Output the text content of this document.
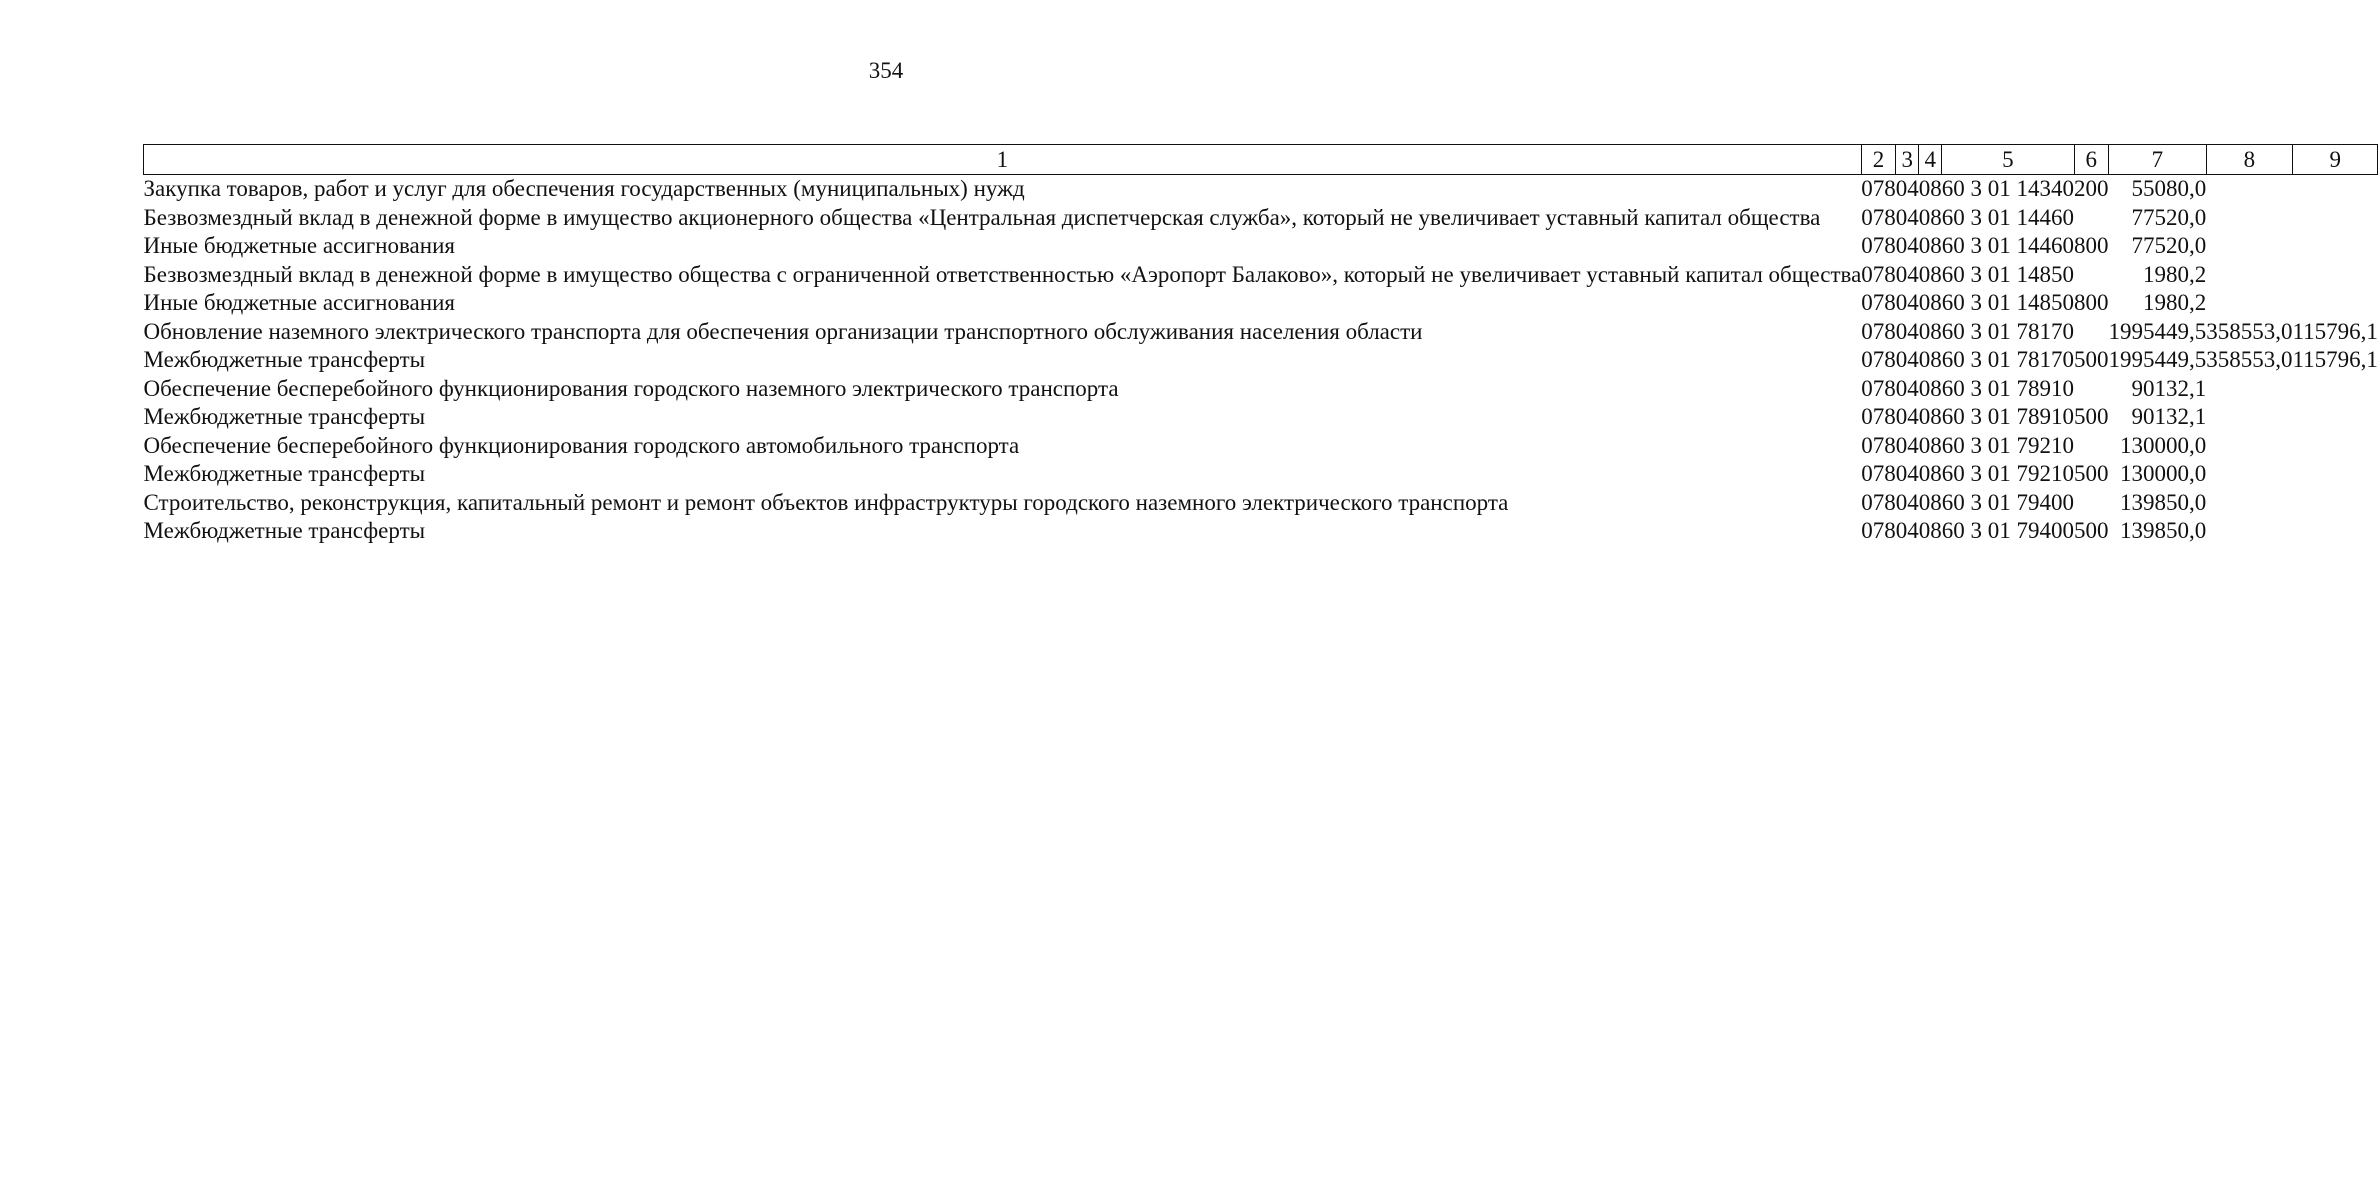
354
1	2	3	4	5	6	7	8	9
Закупка товаров, работ и услуг для обеспечения государственных (муниципальных) нужд	078	04	08	60 3 01 14340	200	55080,0		
Безвозмездный вклад в денежной форме в имущество акционерного общества «Центральная диспетчерская служба», который не увеличивает уставный капитал общества	078	04	08	60 3 01 14460		77520,0		
Иные бюджетные ассигнования	078	04	08	60 3 01 14460	800	77520,0		
Безвозмездный вклад в денежной форме в имущество общества с ограниченной ответственностью «Аэропорт Балаково», который не увеличивает уставный капитал общества	078	04	08	60 3 01 14850		1980,2		
Иные бюджетные ассигнования	078	04	08	60 3 01 14850	800	1980,2		
Обновление наземного электрического транспорта для обеспечения организации транспортного обслуживания населения области	078	04	08	60 3 01 78170		1995449,5	358553,0	115796,1
Межбюджетные трансферты	078	04	08	60 3 01 78170	500	1995449,5	358553,0	115796,1
Обеспечение бесперебойного функционирования городского наземного электрического транспорта	078	04	08	60 3 01 78910		90132,1		
Межбюджетные трансферты	078	04	08	60 3 01 78910	500	90132,1		
Обеспечение бесперебойного функционирования городского автомобильного транспорта	078	04	08	60 3 01 79210		130000,0		
Межбюджетные трансферты	078	04	08	60 3 01 79210	500	130000,0		
Строительство, реконструкция, капитальный ремонт и ремонт объектов инфраструктуры городского наземного электрического транспорта	078	04	08	60 3 01 79400		139850,0		
Межбюджетные трансферты	078	04	08	60 3 01 79400	500	139850,0		
